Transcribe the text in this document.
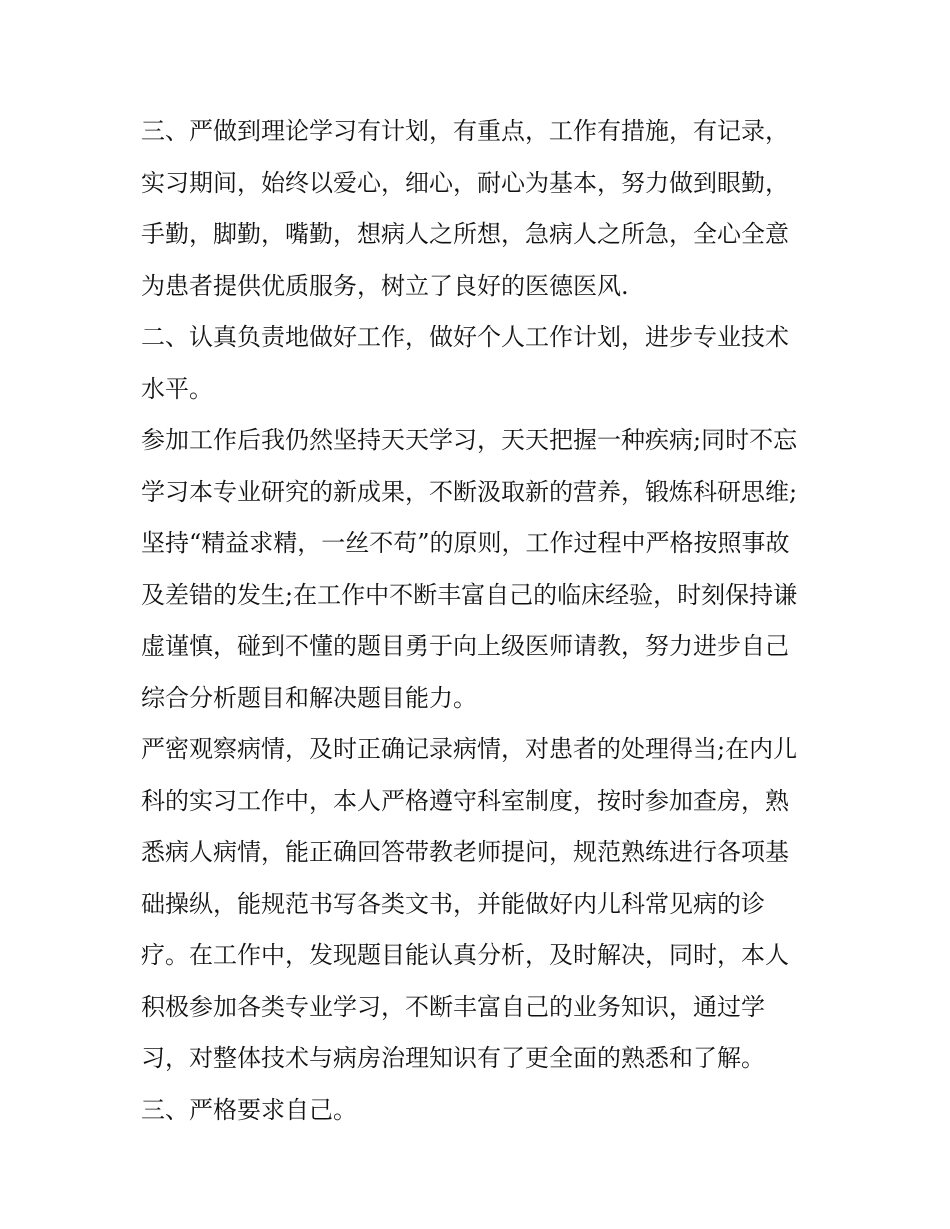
三、严做到理论学习有计划，有重点，工作有措施，有记录，实习期间，始终以爱心，细心，耐心为基本，努力做到眼勤，手勤，脚勤，嘴勤，想病人之所想，急病人之所急，全心全意为患者提供优质服务，树立了良好的医德医风.

二、认真负责地做好工作，做好个人工作计划，进步专业技术水平。

参加工作后我仍然坚持天天学习，天天把握一种疾病;同时不忘学习本专业研究的新成果，不断汲取新的营养，锻炼科研思维;坚持“精益求精，一丝不苟”的原则，工作过程中严格按照事故及差错的发生;在工作中不断丰富自己的临床经验，时刻保持谦虚谨慎，碰到不懂的题目勇于向上级医师请教，努力进步自己综合分析题目和解决题目能力。

严密观察病情，及时正确记录病情，对患者的处理得当;在内儿科的实习工作中，本人严格遵守科室制度，按时参加查房，熟悉病人病情，能正确回答带教老师提问，规范熟练进行各项基础操纵，能规范书写各类文书，并能做好内儿科常见病的诊疗。在工作中，发现题目能认真分析，及时解决，同时，本人积极参加各类专业学习，不断丰富自己的业务知识，通过学习，对整体技术与病房治理知识有了更全面的熟悉和了解。

三、严格要求自己。
